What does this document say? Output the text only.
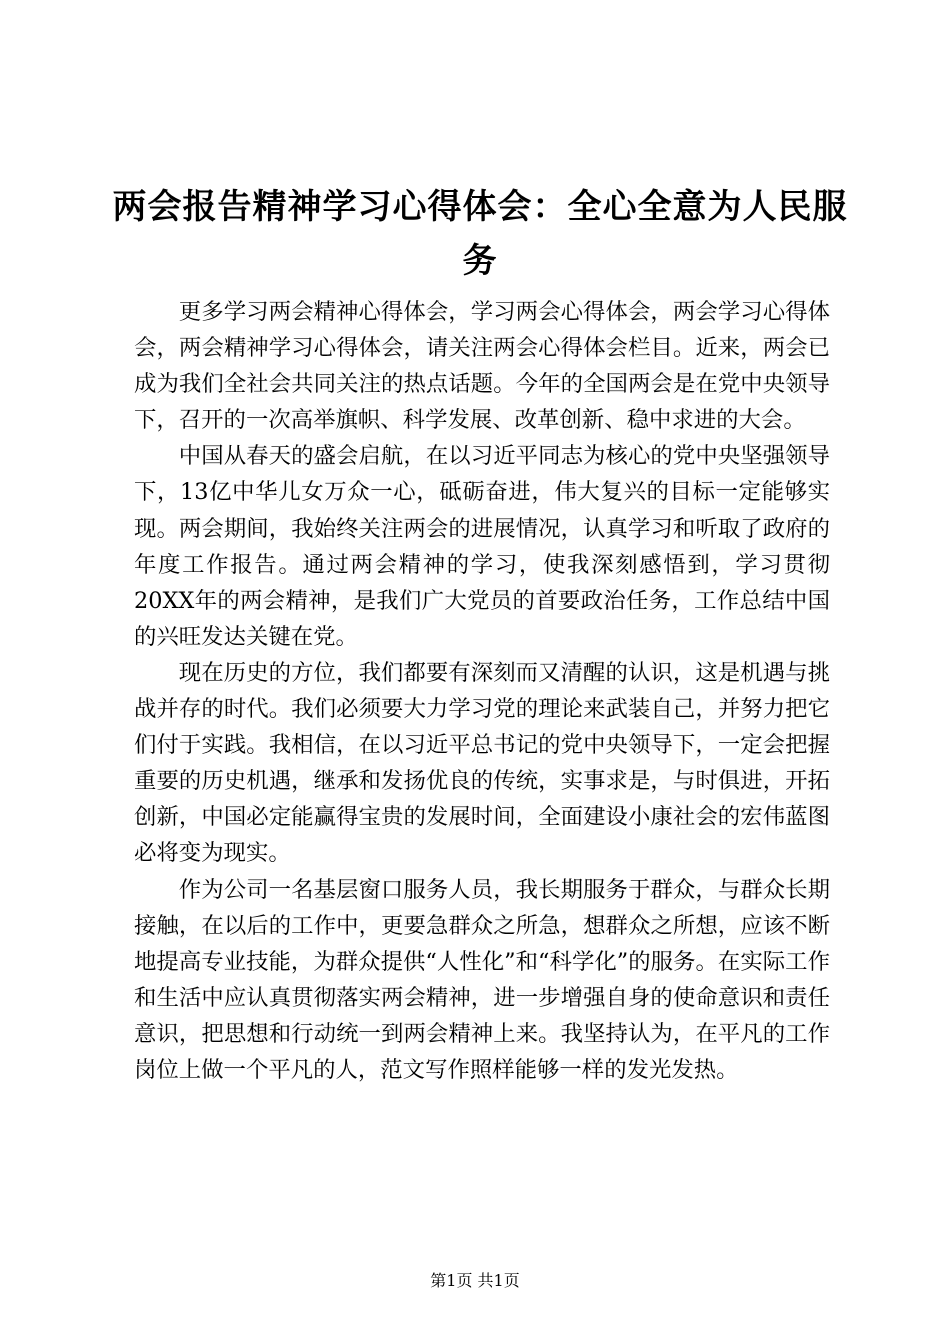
两会报告精神学习心得体会：全心全意为人民服务

更多学习两会精神心得体会，学习两会心得体会，两会学习心得体会，两会精神学习心得体会，请关注两会心得体会栏目。近来，两会已成为我们全社会共同关注的热点话题。今年的全国两会是在党中央领导下，召开的一次高举旗帜、科学发展、改革创新、稳中求进的大会。

中国从春天的盛会启航，在以习近平同志为核心的党中央坚强领导下，13亿中华儿女万众一心，砥砺奋进，伟大复兴的目标一定能够实现。两会期间，我始终关注两会的进展情况，认真学习和听取了政府的年度工作报告。通过两会精神的学习，使我深刻感悟到，学习贯彻20XX年的两会精神，是我们广大党员的首要政治任务，工作总结中国的兴旺发达关键在党。

现在历史的方位，我们都要有深刻而又清醒的认识，这是机遇与挑战并存的时代。我们必须要大力学习党的理论来武装自己，并努力把它们付于实践。我相信，在以习近平总书记的党中央领导下，一定会把握重要的历史机遇，继承和发扬优良的传统，实事求是，与时俱进，开拓创新，中国必定能赢得宝贵的发展时间，全面建设小康社会的宏伟蓝图必将变为现实。

作为公司一名基层窗口服务人员，我长期服务于群众，与群众长期接触，在以后的工作中，更要急群众之所急，想群众之所想，应该不断地提高专业技能，为群众提供“人性化”和“科学化”的服务。在实际工作和生活中应认真贯彻落实两会精神，进一步增强自身的使命意识和责任意识，把思想和行动统一到两会精神上来。我坚持认为，在平凡的工作岗位上做一个平凡的人，范文写作照样能够一样的发光发热。

第1页 共1页
